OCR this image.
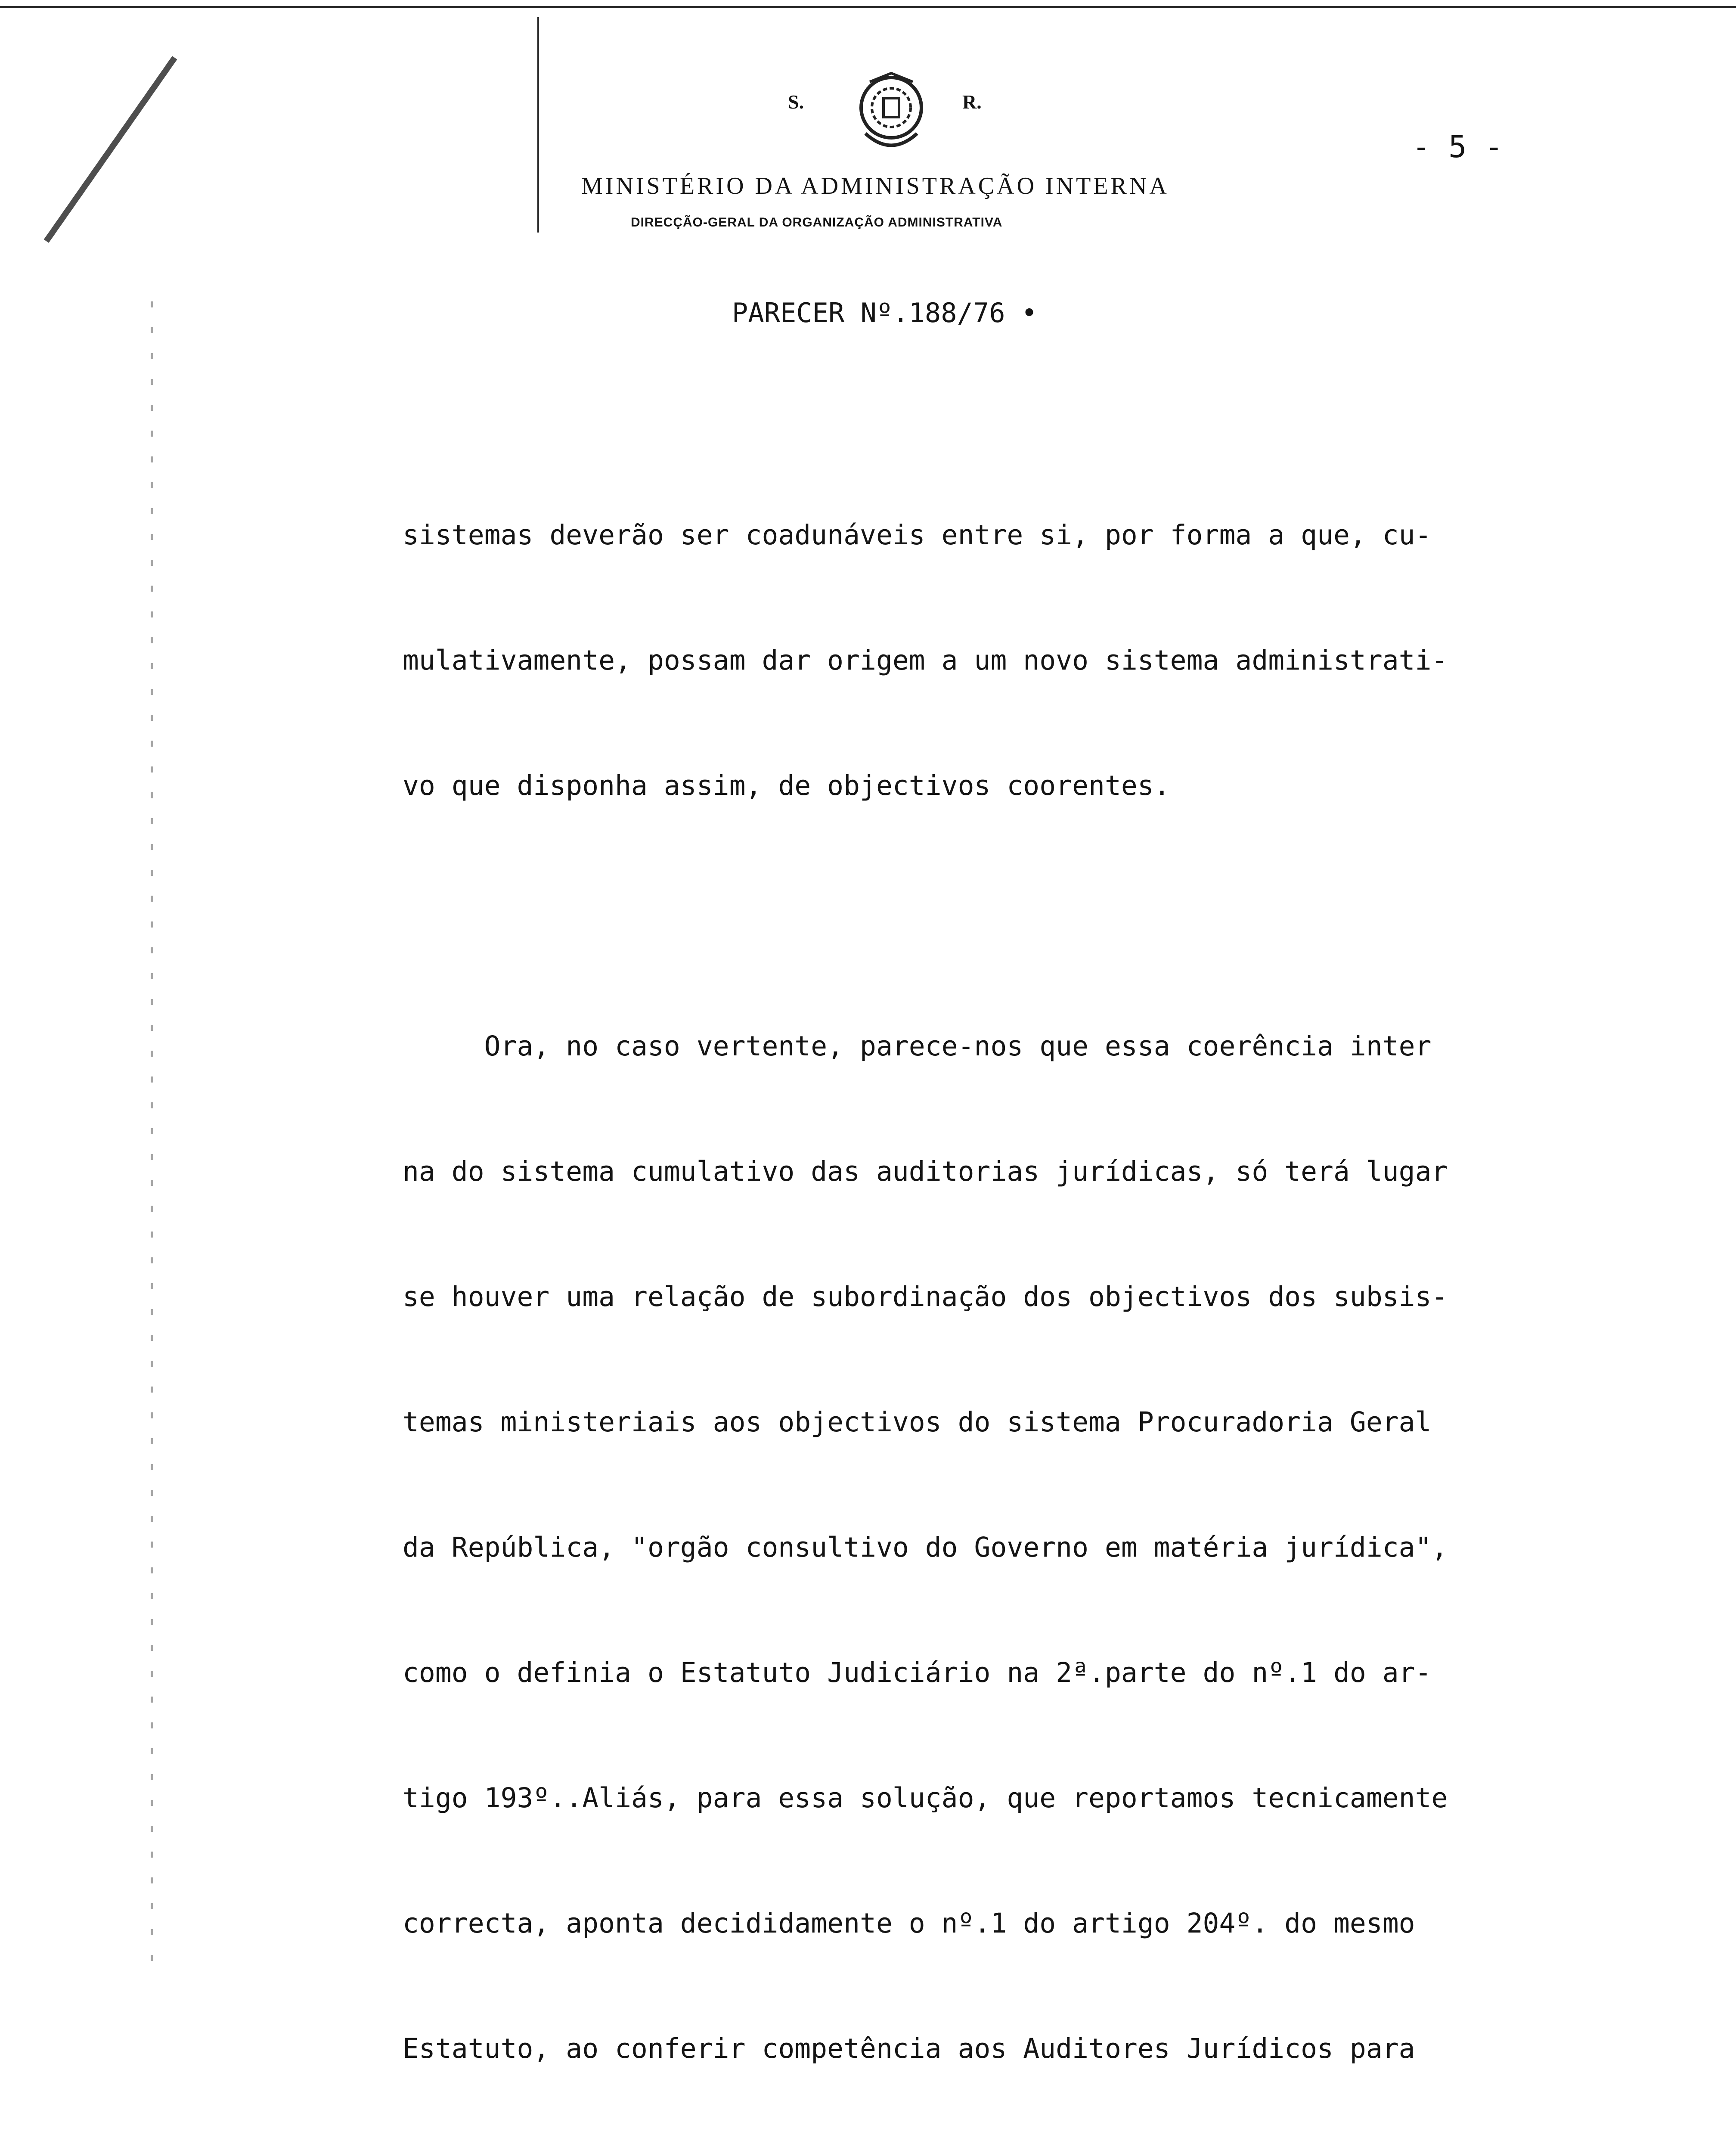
S.	R.
MINISTÉRIO DA ADMINISTRAÇÃO INTERNA
DIRECÇÃO-GERAL DA ORGANIZAÇÃO ADMINISTRATIVA
- 5 -
PARECER Nº.188/76 •

sistemas deverão ser coadunáveis entre si, por forma a que, cu-

mulativamente, possam dar origem a um novo sistema administrati-

vo que disponha assim, de objectivos coorentes.

Ora, no caso vertente, parece-nos que essa coerência inter

na do sistema cumulativo das auditorias jurídicas, só terá lugar

se houver uma relação de subordinação dos objectivos dos subsis-

temas ministeriais aos objectivos do sistema Procuradoria Geral

da República, "orgão consultivo do Governo em matéria jurídica",

como o definia o Estatuto Judiciário na 2ª.parte do nº.1 do ar-

tigo 193º..Aliás, para essa solução, que reportamos tecnicamente

correcta, aponta decididamente o nº.1 do artigo 204º. do mesmo

Estatuto, ao conferir competência aos Auditores Jurídicos para
